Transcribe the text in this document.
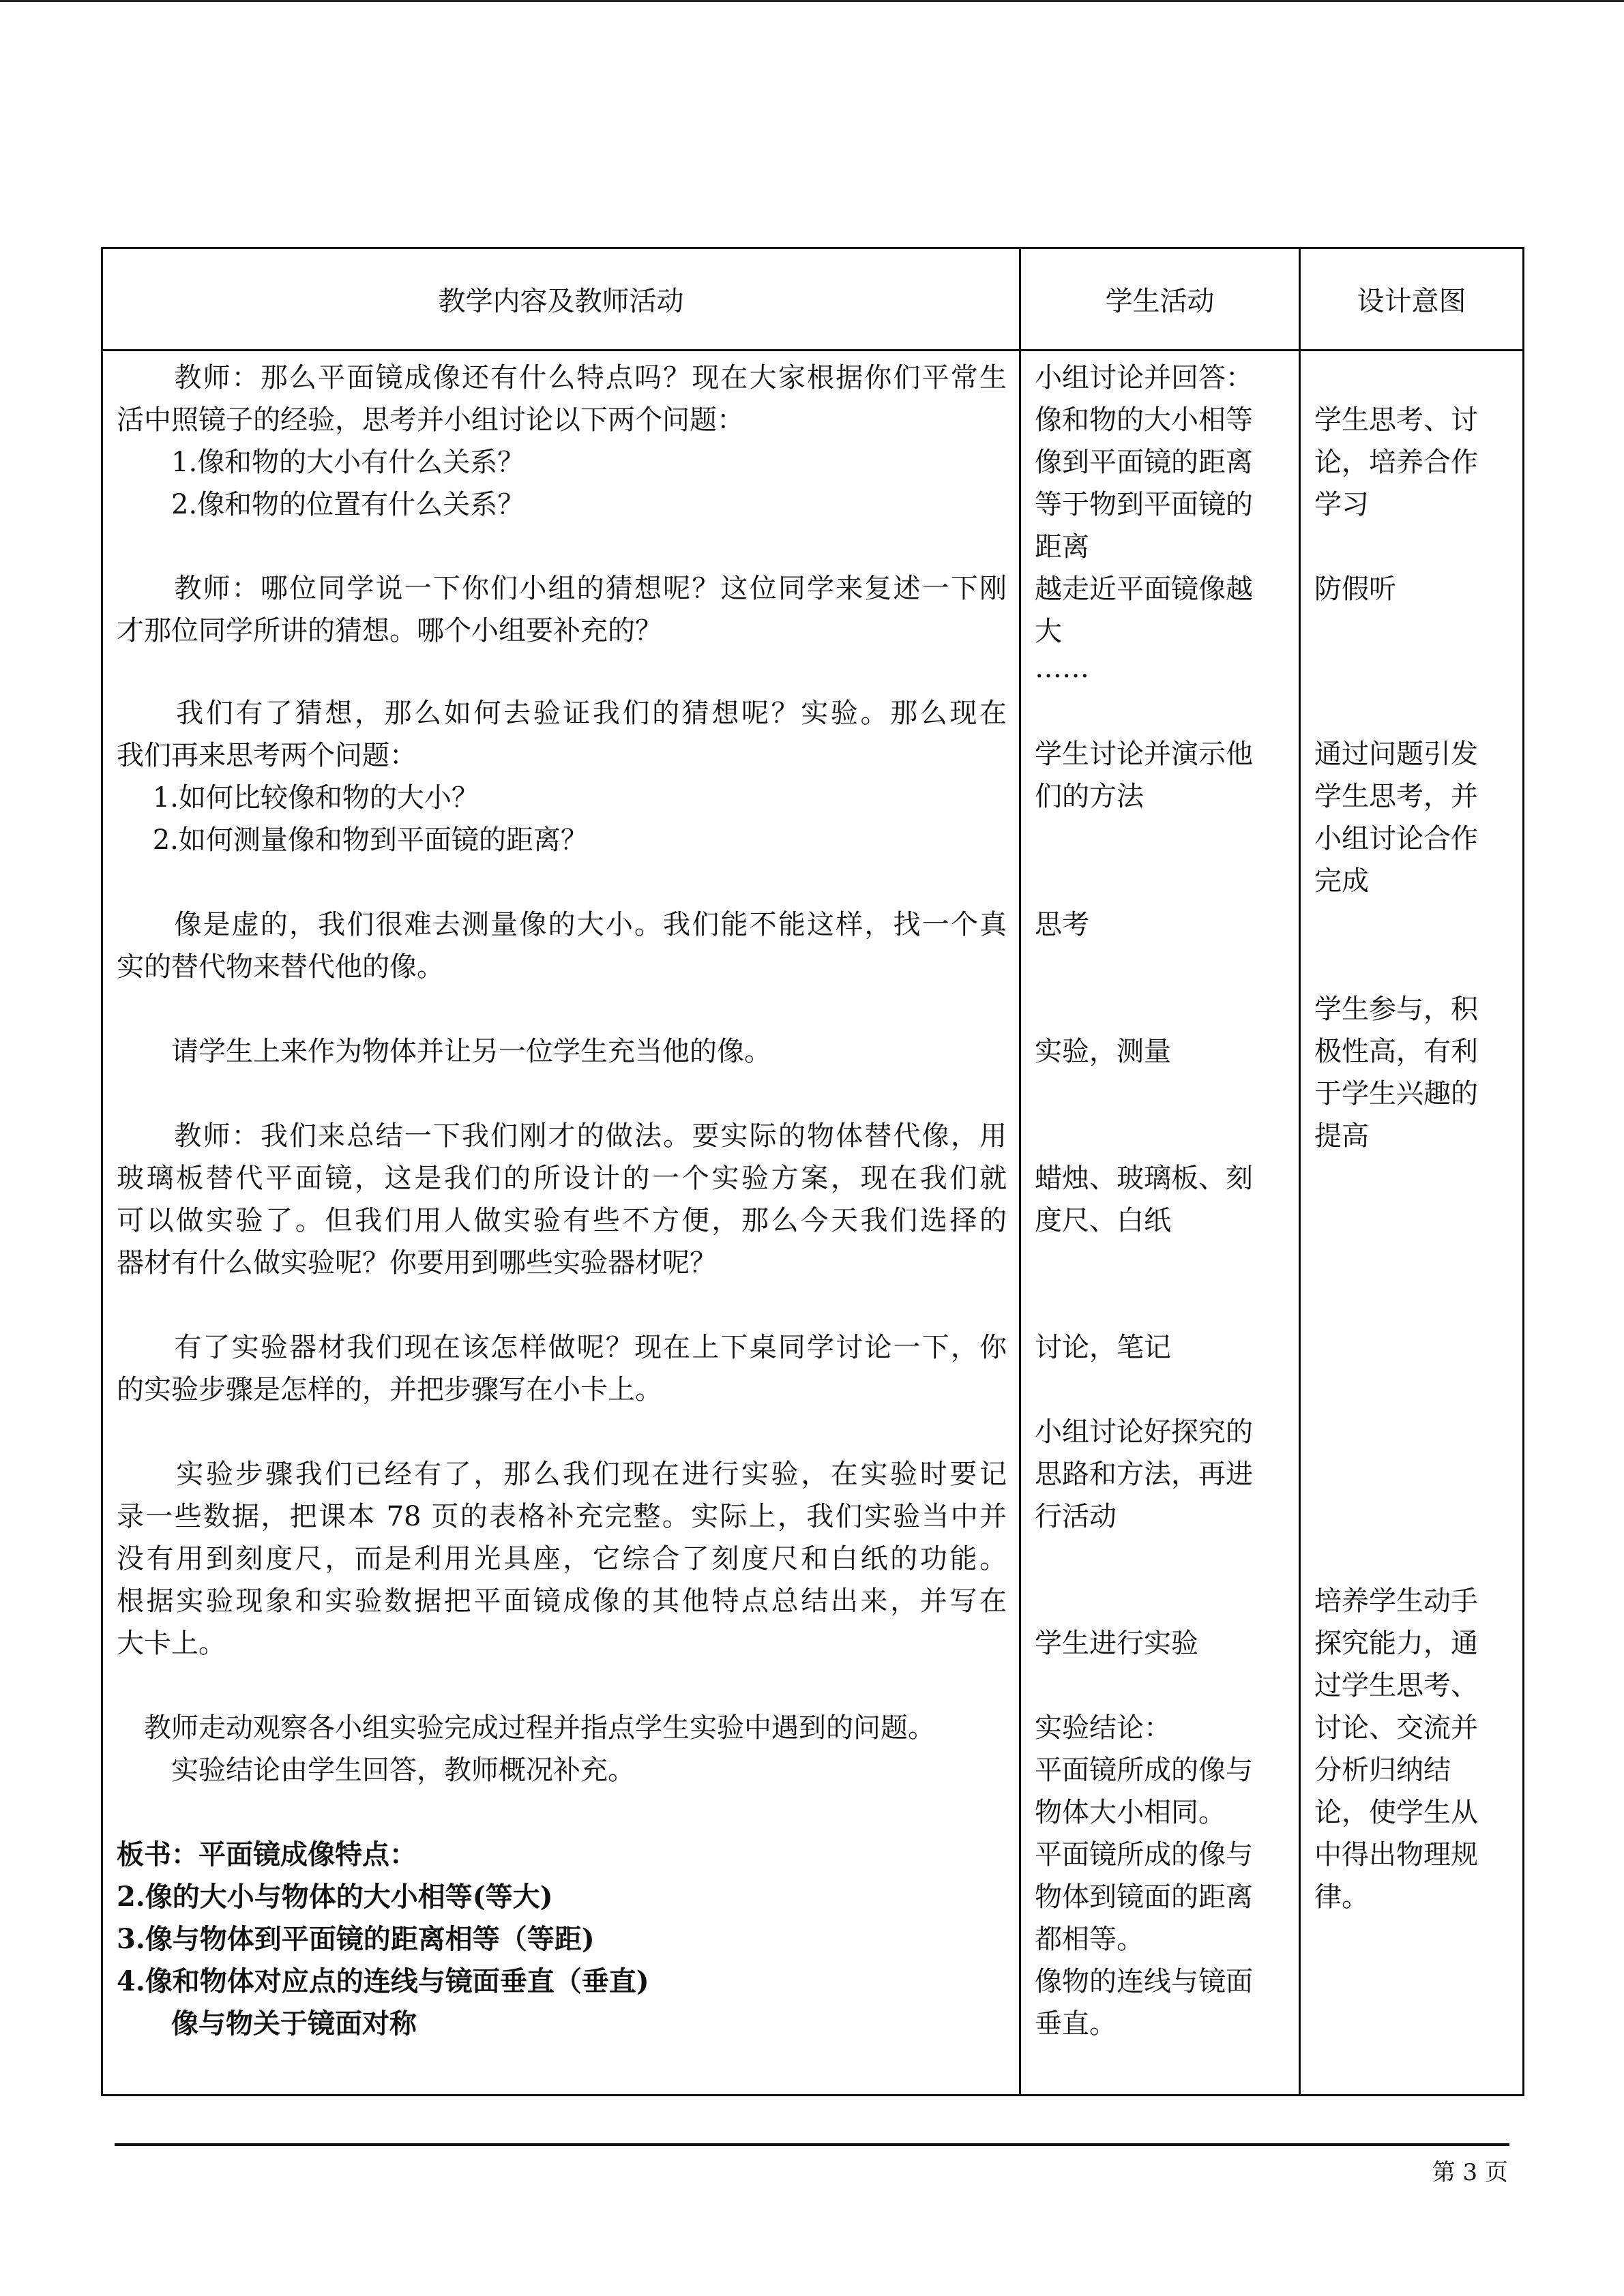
教学内容及教师活动	学生活动	设计意图
　　教师：那么平面镜成像还有什么特点吗？现在大家根据你们平常生
活中照镜子的经验，思考并小组讨论以下两个问题：
　　1.像和物的大小有什么关系？
　　2.像和物的位置有什么关系？
　　教师：哪位同学说一下你们小组的猜想呢？这位同学来复述一下刚
才那位同学所讲的猜想。哪个小组要补充的？
　　我们有了猜想，那么如何去验证我们的猜想呢？实验。那么现在
我们再来思考两个问题：
　 1.如何比较像和物的大小？
　 2.如何测量像和物到平面镜的距离？
　　像是虚的，我们很难去测量像的大小。我们能不能这样，找一个真
实的替代物来替代他的像。
　　请学生上来作为物体并让另一位学生充当他的像。
　　教师：我们来总结一下我们刚才的做法。要实际的物体替代像，用
玻璃板替代平面镜，这是我们的所设计的一个实验方案，现在我们就
可以做实验了。但我们用人做实验有些不方便，那么今天我们选择的
器材有什么做实验呢？你要用到哪些实验器材呢？
　　有了实验器材我们现在该怎样做呢？现在上下桌同学讨论一下，你
的实验步骤是怎样的，并把步骤写在小卡上。
　　实验步骤我们已经有了，那么我们现在进行实验，在实验时要记
录一些数据，把课本 78 页的表格补充完整。实际上，我们实验当中并
没有用到刻度尺，而是利用光具座，它综合了刻度尺和白纸的功能。
根据实验现象和实验数据把平面镜成像的其他特点总结出来，并写在
大卡上。
　教师走动观察各小组实验完成过程并指点学生实验中遇到的问题。
　　实验结论由学生回答，教师概况补充。
板书：平面镜成像特点：
2.像的大小与物体的大小相等(等大)
3.像与物体到平面镜的距离相等（等距)
4.像和物体对应点的连线与镜面垂直（垂直)
　　像与物关于镜面对称
小组讨论并回答：
像和物的大小相等
像到平面镜的距离
等于物到平面镜的
距离
越走近平面镜像越
大
……
学生讨论并演示他
们的方法
思考
实验，测量
蜡烛、玻璃板、刻
度尺、白纸
讨论，笔记
小组讨论好探究的
思路和方法，再进
行活动
学生进行实验
实验结论：
平面镜所成的像与
物体大小相同。
平面镜所成的像与
物体到镜面的距离
都相等。
像物的连线与镜面
垂直。
学生思考、讨
论，培养合作
学习
防假听
通过问题引发
学生思考，并
小组讨论合作
完成
学生参与，积
极性高，有利
于学生兴趣的
提高
培养学生动手
探究能力，通
过学生思考、
讨论、交流并
分析归纳结
论，使学生从
中得出物理规
律。
第 3 页
